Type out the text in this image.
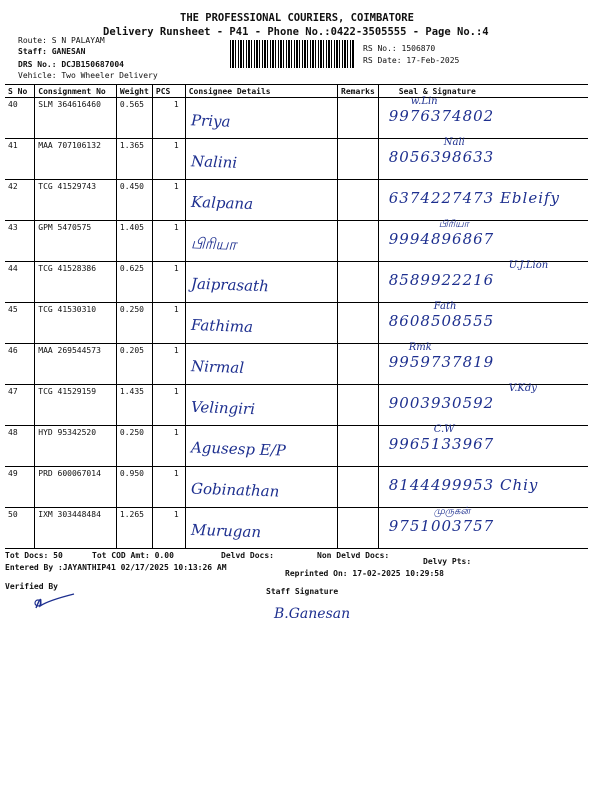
THE PROFESSIONAL COURIERS, COIMBATORE
Delivery Runsheet - P41 - Phone No.:0422-3505555 - Page No.:4
Route: S N PALAYAM
Staff: GANESAN
DRS No.: DCJB150687004
Vehicle: Two Wheeler Delivery
RS No.: 1506870
RS Date: 17-Feb-2025
S No	Consignment No	Weight	PCS	Consignee Details	Remarks	Seal & Signature
40	SLM 364616460	0.565	1	Priya		w.Lin
9976374802

41	MAA 707106132	1.365	1	Nalini		Nali
8056398633

42	TCG 41529743	0.450	1	Kalpana		6374227473 Ebleify

43	GPM 5470575	1.405	1	பிரியா		பிரியா
9994896867

44	TCG 41528386	0.625	1	Jaiprasath		U.J.Lion
8589922216

45	TCG 41530310	0.250	1	Fathima		Fath
8608508555

46	MAA 269544573	0.205	1	Nirmal		Rmk
9959737819

47	TCG 41529159	1.435	1	Velingiri		V.Kdy
9003930592

48	HYD 95342520	0.250	1	Agusesp E/P		C.W
9965133967

49	PRD 600067014	0.950	1	Gobinathan		8144499953 Chiy

50	IXM 303448484	1.265	1	Murugan		முருகன்
9751003757
Tot Docs: 50	Tot COD Amt: 0.00	Delvd Docs:	Non Delvd Docs:
Delvy Pts:
Entered By :JAYANTHIP41 02/17/2025 10:13:26 AM
Reprinted On: 17-02-2025 10:29:58
Verified By
Staff Signature
B.Ganesan
